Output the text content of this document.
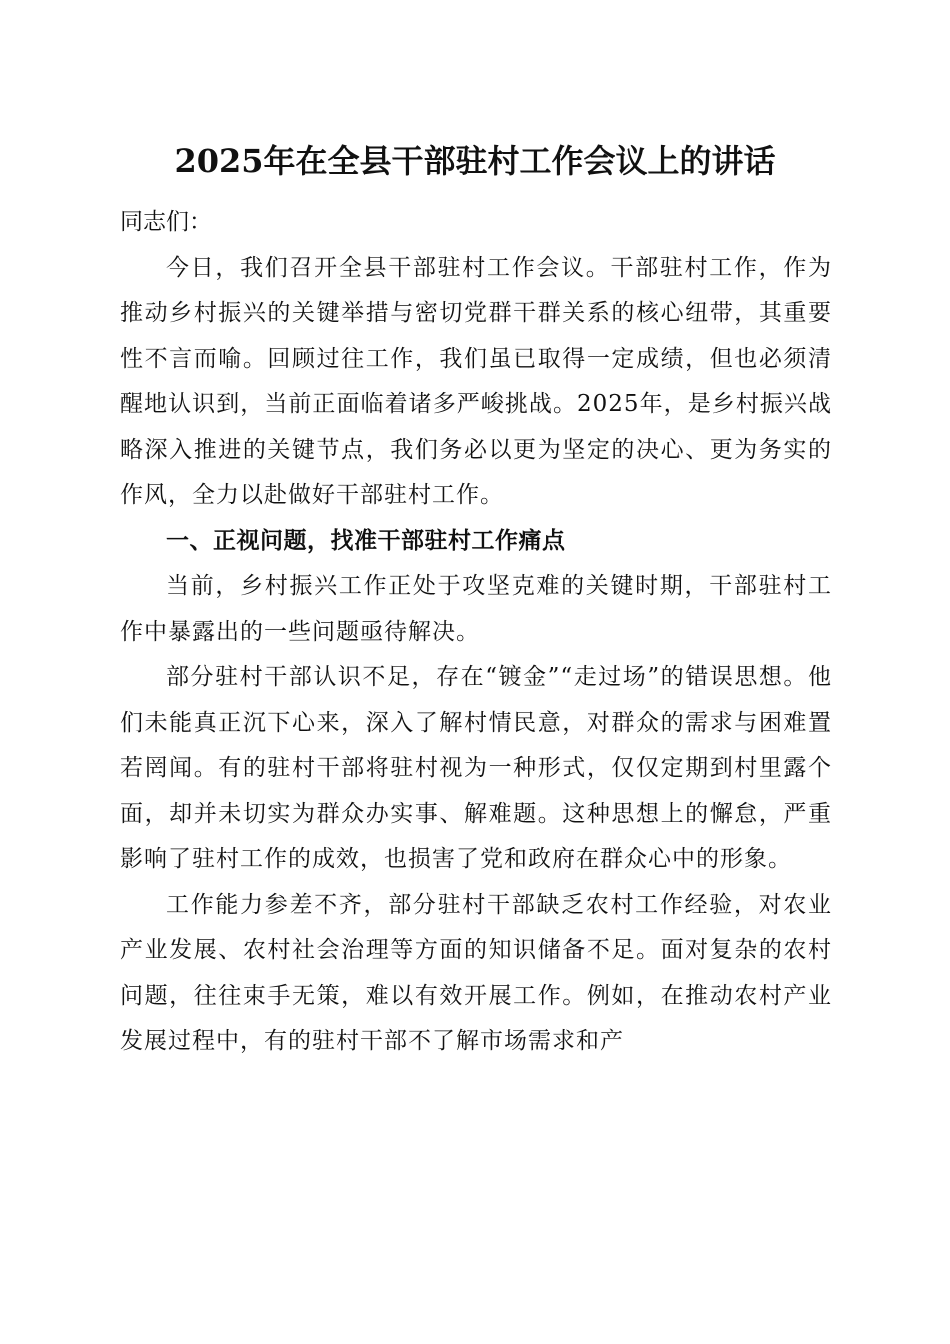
2025年在全县干部驻村工作会议上的讲话

同志们：

今日，我们召开全县干部驻村工作会议。干部驻村工作，作为推动乡村振兴的关键举措与密切党群干群关系的核心纽带，其重要性不言而喻。回顾过往工作，我们虽已取得一定成绩，但也必须清醒地认识到，当前正面临着诸多严峻挑战。2025年，是乡村振兴战略深入推进的关键节点，我们务必以更为坚定的决心、更为务实的作风，全力以赴做好干部驻村工作。

一、正视问题，找准干部驻村工作痛点

当前，乡村振兴工作正处于攻坚克难的关键时期，干部驻村工作中暴露出的一些问题亟待解决。

部分驻村干部认识不足，存在“镀金”“走过场”的错误思想。他们未能真正沉下心来，深入了解村情民意，对群众的需求与困难置若罔闻。有的驻村干部将驻村视为一种形式，仅仅定期到村里露个面，却并未切实为群众办实事、解难题。这种思想上的懈怠，严重影响了驻村工作的成效，也损害了党和政府在群众心中的形象。

工作能力参差不齐，部分驻村干部缺乏农村工作经验，对农业产业发展、农村社会治理等方面的知识储备不足。面对复杂的农村问题，往往束手无策，难以有效开展工作。例如，在推动农村产业发展过程中，有的驻村干部不了解市场需求和产
